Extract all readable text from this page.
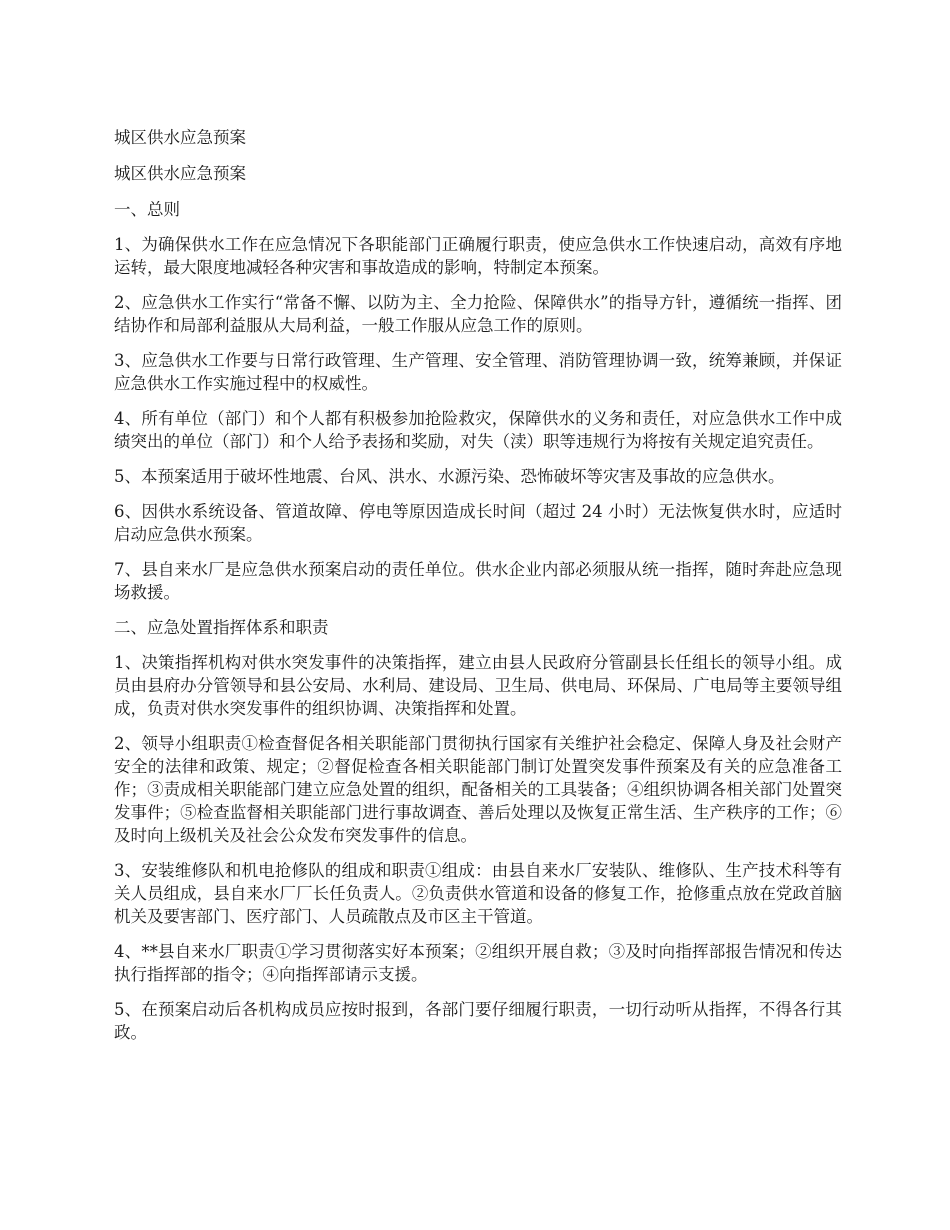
城区供水应急预案

城区供水应急预案

一、总则

1、为确保供水工作在应急情况下各职能部门正确履行职责，使应急供水工作快速启动，高效有序地运转，最大限度地减轻各种灾害和事故造成的影响，特制定本预案。

2、应急供水工作实行“常备不懈、以防为主、全力抢险、保障供水”的指导方针，遵循统一指挥、团结协作和局部利益服从大局利益，一般工作服从应急工作的原则。

3、应急供水工作要与日常行政管理、生产管理、安全管理、消防管理协调一致，统筹兼顾，并保证应急供水工作实施过程中的权威性。

4、所有单位（部门）和个人都有积极参加抢险救灾，保障供水的义务和责任，对应急供水工作中成绩突出的单位（部门）和个人给予表扬和奖励，对失（渎）职等违规行为将按有关规定追究责任。

5、本预案适用于破坏性地震、台风、洪水、水源污染、恐怖破坏等灾害及事故的应急供水。

6、因供水系统设备、管道故障、停电等原因造成长时间（超过 24 小时）无法恢复供水时，应适时启动应急供水预案。

7、县自来水厂是应急供水预案启动的责任单位。供水企业内部必须服从统一指挥，随时奔赴应急现场救援。

二、应急处置指挥体系和职责

1、决策指挥机构对供水突发事件的决策指挥，建立由县人民政府分管副县长任组长的领导小组。成员由县府办分管领导和县公安局、水利局、建设局、卫生局、供电局、环保局、广电局等主要领导组成，负责对供水突发事件的组织协调、决策指挥和处置。

2、领导小组职责①检查督促各相关职能部门贯彻执行国家有关维护社会稳定、保障人身及社会财产安全的法律和政策、规定；②督促检查各相关职能部门制订处置突发事件预案及有关的应急准备工作；③责成相关职能部门建立应急处置的组织，配备相关的工具装备；④组织协调各相关部门处置突发事件；⑤检查监督相关职能部门进行事故调查、善后处理以及恢复正常生活、生产秩序的工作；⑥及时向上级机关及社会公众发布突发事件的信息。

3、安装维修队和机电抢修队的组成和职责①组成：由县自来水厂安装队、维修队、生产技术科等有关人员组成，县自来水厂厂长任负责人。②负责供水管道和设备的修复工作，抢修重点放在党政首脑机关及要害部门、医疗部门、人员疏散点及市区主干管道。

4、**县自来水厂职责①学习贯彻落实好本预案；②组织开展自救；③及时向指挥部报告情况和传达执行指挥部的指令；④向指挥部请示支援。

5、在预案启动后各机构成员应按时报到，各部门要仔细履行职责，一切行动听从指挥，不得各行其政。
